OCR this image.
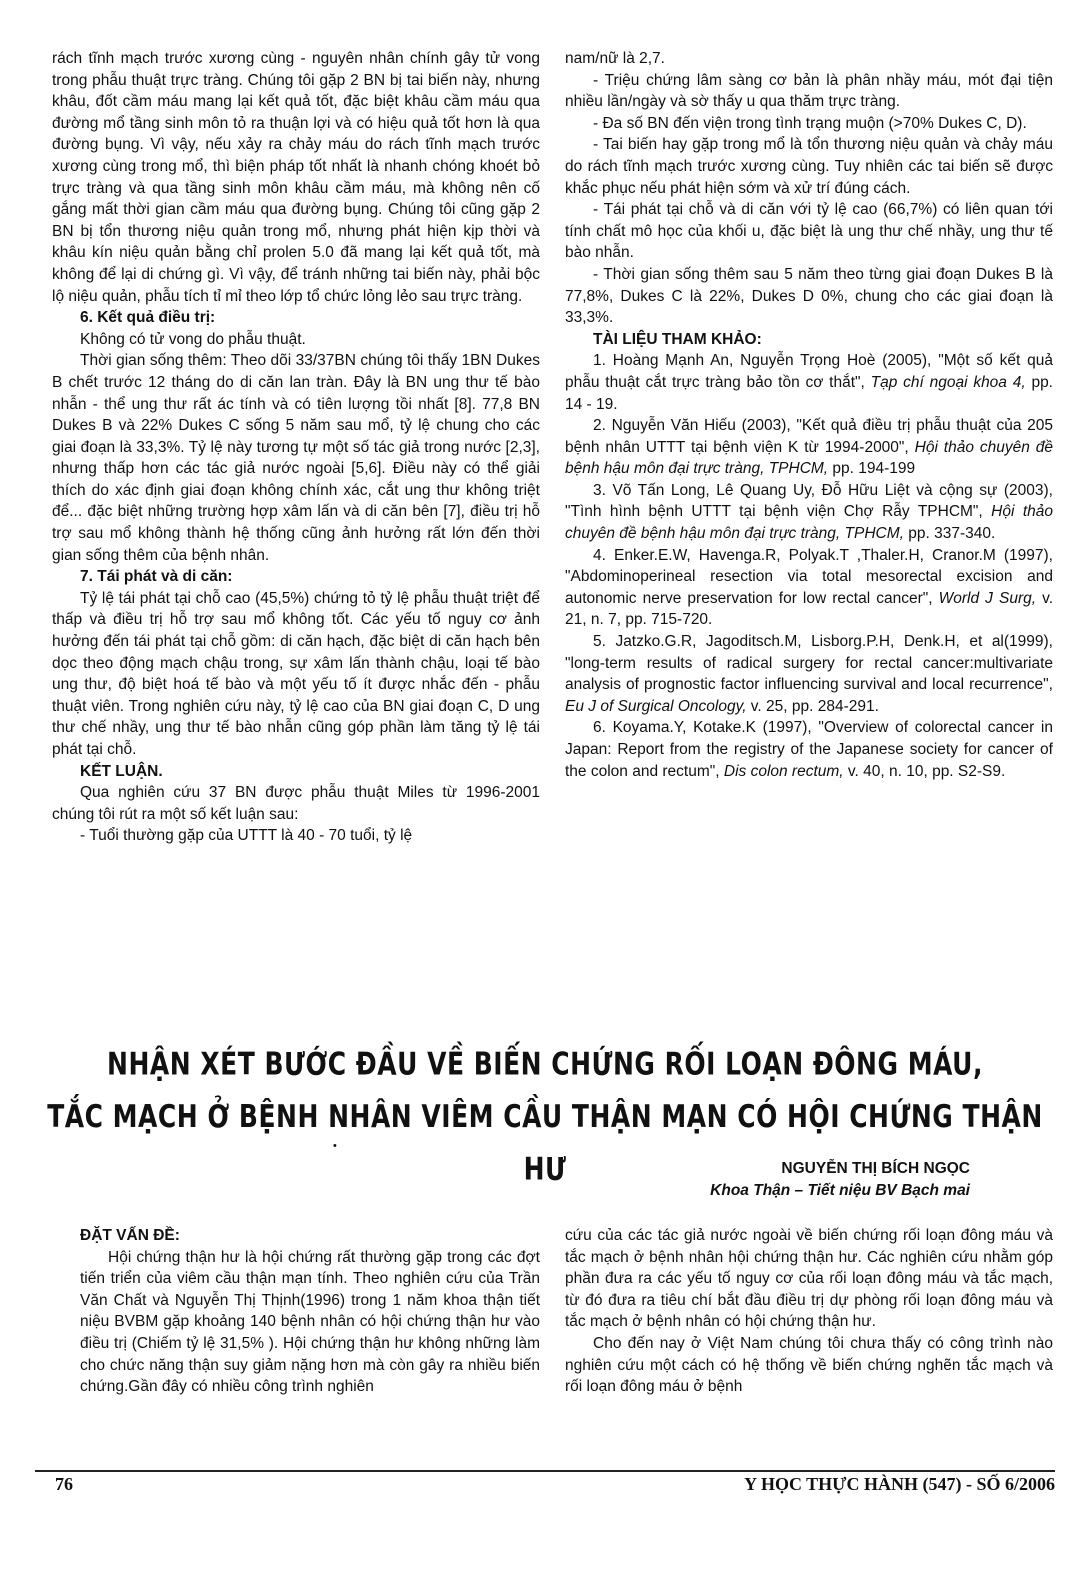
rách tĩnh mạch trước xương cùng - nguyên nhân chính gây tử vong trong phẫu thuật trực tràng. Chúng tôi gặp 2 BN bị tai biến này, nhưng khâu, đốt cầm máu mang lại kết quả tốt, đặc biệt khâu cầm máu qua đường mổ tầng sinh môn tỏ ra thuận lợi và có hiệu quả tốt hơn là qua đường bụng. Vì vậy, nếu xảy ra chảy máu do rách tĩnh mạch trước xương cùng trong mổ, thì biện pháp tốt nhất là nhanh chóng khoét bỏ trực tràng và qua tầng sinh môn khâu cầm máu, mà không nên cố gắng mất thời gian cầm máu qua đường bụng. Chúng tôi cũng gặp 2 BN bị tổn thương niệu quản trong mổ, nhưng phát hiện kịp thời và khâu kín niệu quản bằng chỉ prolen 5.0 đã mang lại kết quả tốt, mà không để lại di chứng gì. Vì vậy, để tránh những tai biến này, phải bộc lộ niệu quản, phẫu tích tỉ mỉ theo lớp tổ chức lỏng lẻo sau trực tràng.

6. Kết quả điều trị:

Không có tử vong do phẫu thuật.

Thời gian sống thêm: Theo dõi 33/37BN chúng tôi thấy 1BN Dukes B chết trước 12 tháng do di căn lan tràn. Đây là BN ung thư tế bào nhẫn - thể ung thư rất ác tính và có tiên lượng tồi nhất [8]. 77,8 BN Dukes B và 22% Dukes C sống 5 năm sau mổ, tỷ lệ chung cho các giai đoạn là 33,3%. Tỷ lệ này tương tự một số tác giả trong nước [2,3], nhưng thấp hơn các tác giả nước ngoài [5,6]. Điều này có thể giải thích do xác định giai đoạn không chính xác, cắt ung thư không triệt để... đặc biệt những trường hợp xâm lấn và di căn bên [7], điều trị hỗ trợ sau mổ không thành hệ thống cũng ảnh hưởng rất lớn đến thời gian sống thêm của bệnh nhân.

7. Tái phát và di căn:

Tỷ lệ tái phát tại chỗ cao (45,5%) chứng tỏ tỷ lệ phẫu thuật triệt để thấp và điều trị hỗ trợ sau mổ không tốt. Các yếu tố nguy cơ ảnh hưởng đến tái phát tại chỗ gồm: di căn hạch, đặc biệt di căn hạch bên dọc theo động mạch chậu trong, sự xâm lấn thành chậu, loại tế bào ung thư, độ biệt hoá tế bào và một yếu tố ít được nhắc đến - phẫu thuật viên. Trong nghiên cứu này, tỷ lệ cao của BN giai đoạn C, D ung thư chế nhầy, ung thư tế bào nhẫn cũng góp phần làm tăng tỷ lệ tái phát tại chỗ.

KẾT LUẬN.

Qua nghiên cứu 37 BN được phẫu thuật Miles từ 1996-2001 chúng tôi rút ra một số kết luận sau:

- Tuổi thường gặp của UTTT là 40 - 70 tuổi, tỷ lệ

nam/nữ là 2,7.

- Triệu chứng lâm sàng cơ bản là phân nhầy máu, mót đại tiện nhiều lần/ngày và sờ thấy u qua thăm trực tràng.

- Đa số BN đến viện trong tình trạng muộn (>70% Dukes C, D).

- Tai biến hay gặp trong mổ là tổn thương niệu quản và chảy máu do rách tĩnh mạch trước xương cùng. Tuy nhiên các tai biến sẽ được khắc phục nếu phát hiện sớm và xử trí đúng cách.

- Tái phát tại chỗ và di căn với tỷ lệ cao (66,7%) có liên quan tới tính chất mô học của khối u, đặc biệt là ung thư chế nhầy, ung thư tế bào nhẫn.

- Thời gian sống thêm sau 5 năm theo từng giai đoạn Dukes B là 77,8%, Dukes C là 22%, Dukes D 0%, chung cho các giai đoạn là 33,3%.

TÀI LIỆU THAM KHẢO:

1. Hoàng Mạnh An, Nguyễn Trọng Hoè (2005), "Một số kết quả phẫu thuật cắt trực tràng bảo tồn cơ thắt", Tạp chí ngoại khoa 4, pp. 14 - 19.

2. Nguyễn Văn Hiếu (2003), "Kết quả điều trị phẫu thuật của 205 bệnh nhân UTTT tại bệnh viện K từ 1994-2000", Hội thảo chuyên đề bệnh hậu môn đại trực tràng, TPHCM, pp. 194-199

3. Võ Tấn Long, Lê Quang Uy, Đỗ Hữu Liệt và cộng sự (2003), "Tình hình bệnh UTTT tại bệnh viện Chợ Rẫy TPHCM", Hội thảo chuyên đề bệnh hậu môn đại trực tràng, TPHCM, pp. 337-340.

4. Enker.E.W, Havenga.R, Polyak.T ,Thaler.H, Cranor.M (1997), "Abdominoperineal resection via total mesorectal excision and autonomic nerve preservation for low rectal cancer", World J Surg, v. 21, n. 7, pp. 715-720.

5. Jatzko.G.R, Jagoditsch.M, Lisborg.P.H, Denk.H, et al(1999), "long-term results of radical surgery for rectal cancer:multivariate analysis of prognostic factor influencing survival and local recurrence", Eu J of Surgical Oncology, v. 25, pp. 284-291.

6. Koyama.Y, Kotake.K (1997), "Overview of colorectal cancer in Japan: Report from the registry of the Japanese society for cancer of the colon and rectum", Dis colon rectum, v. 40, n. 10, pp. S2-S9.

NHẬN XÉT BƯỚC ĐẦU VỀ BIẾN CHỨNG RỐI LOẠN ĐÔNG MÁU,
TẮC MẠCH Ở BỆNH NHÂN VIÊM CẦU THẬN MẠN CÓ HỘI CHỨNG THẬN HƯ
•

NGUYỄN THỊ BÍCH NGỌC

Khoa Thận – Tiết niệu BV Bạch mai

ĐẶT VẤN ĐỀ:

Hội chứng thận hư là hội chứng rất thường gặp trong các đợt tiến triển của viêm cầu thận mạn tính. Theo nghiên cứu của Trần Văn Chất và Nguyễn Thị Thịnh(1996) trong 1 năm khoa thận tiết niệu BVBM gặp khoảng 140 bệnh nhân có hội chứng thận hư vào điều trị (Chiếm tỷ lệ 31,5% ). Hội chứng thận hư không những làm cho chức năng thận suy giảm nặng hơn mà còn gây ra nhiều biến chứng.Gần đây có nhiều công trình nghiên

cứu của các tác giả nước ngoài về biến chứng rối loạn đông máu và tắc mạch ở bệnh nhân hội chứng thận hư. Các nghiên cứu nhằm góp phần đưa ra các yếu tố nguy cơ của rối loạn đông máu và tắc mạch, từ đó đưa ra tiêu chí bắt đầu điều trị dự phòng rối loạn đông máu và tắc mạch ở bệnh nhân có hội chứng thận hư.

Cho đến nay ở Việt Nam chúng tôi chưa thấy có công trình nào nghiên cứu một cách có hệ thống về biến chứng nghẽn tắc mạch và rối loạn đông máu ở bệnh

76	Y HỌC THỰC HÀNH (547) - SỐ 6/2006
